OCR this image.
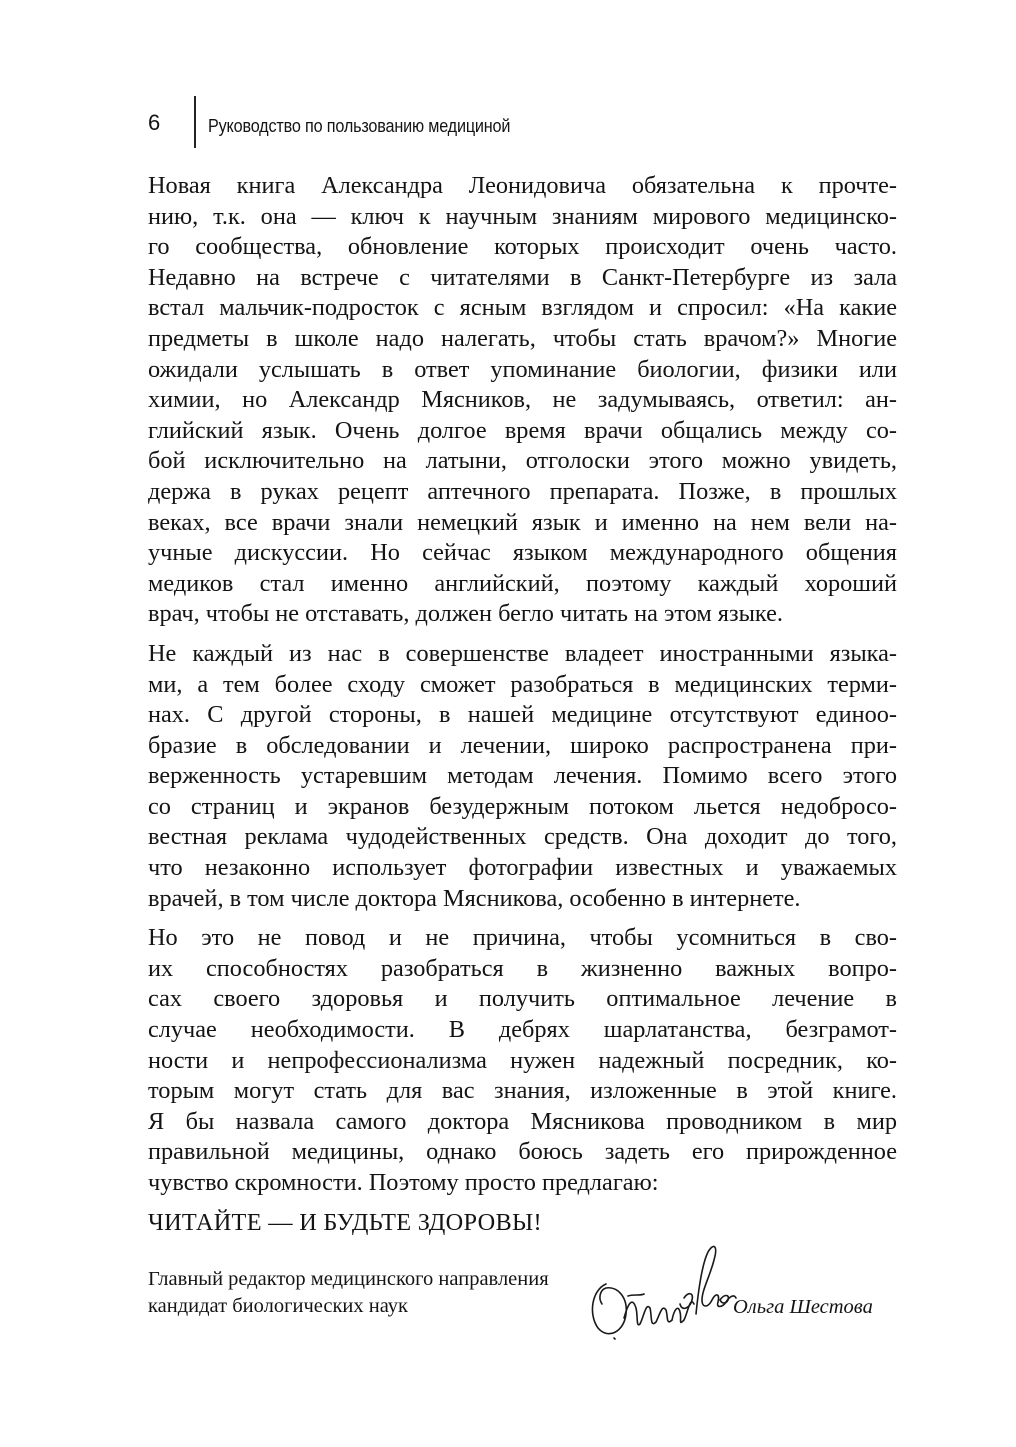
6	Руководство по пользованию медициной
Новая книга Александра Леонидовича обязательна к прочте-
нию, т.к. она — ключ к научным знаниям мирового медицинско-
го сообщества, обновление которых происходит очень часто.
Недавно на встрече с читателями в Санкт-Петербурге из зала
встал мальчик-подросток с ясным взглядом и спросил: «На какие
предметы в школе надо налегать, чтобы стать врачом?» Многие
ожидали услышать в ответ упоминание биологии, физики или
химии, но Александр Мясников, не задумываясь, ответил: ан-
глийский язык. Очень долгое время врачи общались между со-
бой исключительно на латыни, отголоски этого можно увидеть,
держа в руках рецепт аптечного препарата. Позже, в прошлых
веках, все врачи знали немецкий язык и именно на нем вели на-
учные дискуссии. Но сейчас языком международного общения
медиков стал именно английский, поэтому каждый хороший
врач, чтобы не отставать, должен бегло читать на этом языке.
Не каждый из нас в совершенстве владеет иностранными языка-
ми, а тем более сходу сможет разобраться в медицинских терми-
нах. С другой стороны, в нашей медицине отсутствуют единоо-
бразие в обследовании и лечении, широко распространена при-
верженность устаревшим методам лечения. Помимо всего этого
со страниц и экранов безудержным потоком льется недобросо-
вестная реклама чудодейственных средств. Она доходит до того,
что незаконно использует фотографии известных и уважаемых
врачей, в том числе доктора Мясникова, особенно в интернете.
Но это не повод и не причина, чтобы усомниться в сво-
их способностях разобраться в жизненно важных вопро-
сах своего здоровья и получить оптимальное лечение в
случае необходимости. В дебрях шарлатанства, безграмот-
ности и непрофессионализма нужен надежный посредник, ко-
торым могут стать для вас знания, изложенные в этой книге.
Я бы назвала самого доктора Мясникова проводником в мир
правильной медицины, однако боюсь задеть его прирожденное
чувство скромности. Поэтому просто предлагаю:
ЧИТАЙТЕ — И БУДЬТЕ ЗДОРОВЫ!
Главный редактор медицинского направления
кандидат биологических наук	Ольга Шестова
